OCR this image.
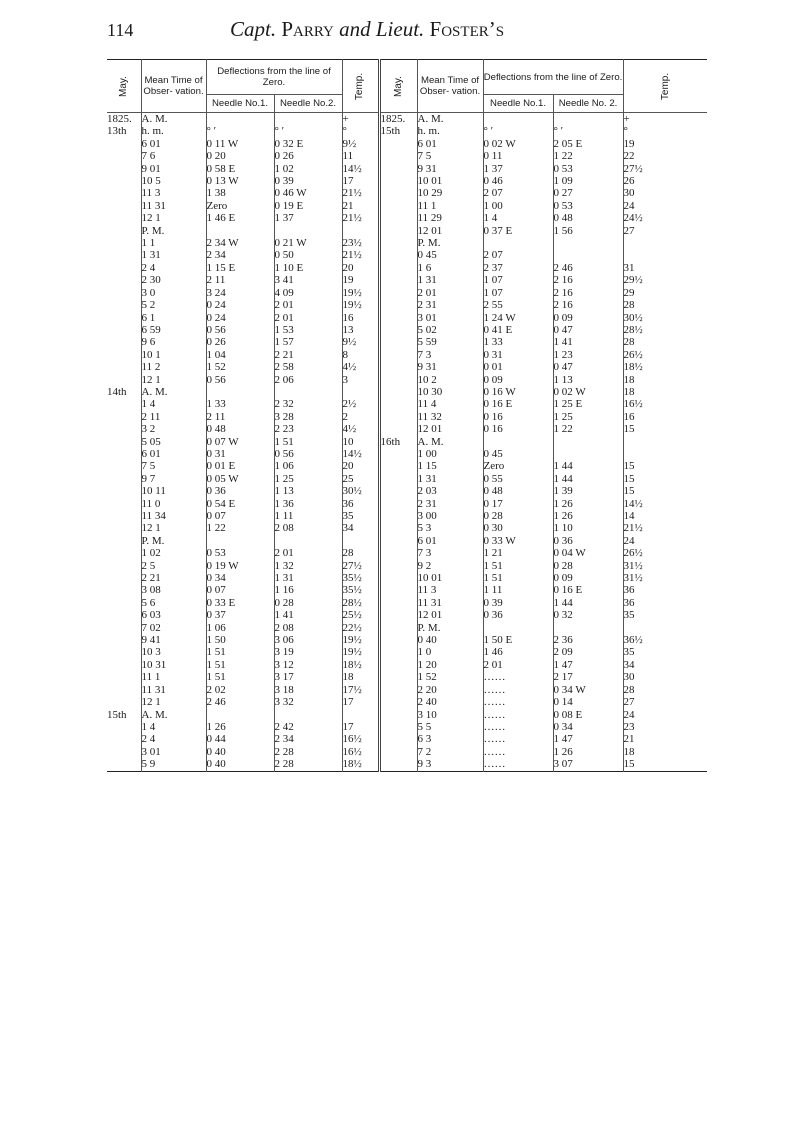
114	Capt. Parry and Lieut. Foster’s
May.	Mean Time of Obser- vation.	Deflections from the line of Zero.		Temp.	May.	Mean Time of Obser- vation.	Deflections from the line of Zero.		Temp.
		Needle No.1.	Needle No.2.				Needle No.1.	Needle No. 2.	
1825.	A. M.			+	1825.	A. M.			+
13th	h. m.	° ′	° ′	°	15th	h. m.	° ′	° ′	°
	6 01	0 11 W	0 32 E	9½		6 01	0 02 W	2 05 E	19
	7 6	0 20	0 26	11		7 5	0 11	1 22	22
	9 01	0 58 E	1 02	14½		9 31	1 37	0 53	27½
	10 5	0 13 W	0 39	17		10 01	0 46	1 09	26
	11 3	1 38	0 46 W	21½		10 29	2 07	0 27	30
	11 31	Zero	0 19 E	21		11 1	1 00	0 53	24
	12 1	1 46 E	1 37	21½		11 29	1 4	0 48	24½
	P. M.					12 01	0 37 E	1 56	27
	1 1	2 34 W	0 21 W	23½		P. M.			
	1 31	2 34	0 50	21½		0 45	2 07		
	2 4	1 15 E	1 10 E	20		1 6	2 37	2 46	31
	2 30	2 11	3 41	19		1 31	1 07	2 16	29½
	3 0	3 24	4 09	19½		2 01	1 07	2 16	29
	5 2	0 24	2 01	19½		2 31	2 55	2 16	28
	6 1	0 24	2 01	16		3 01	1 24 W	0 09	30½
	6 59	0 56	1 53	13		5 02	0 41 E	0 47	28½
	9 6	0 26	1 57	9½		5 59	1 33	1 41	28
	10 1	1 04	2 21	8		7 3	0 31	1 23	26½
	11 2	1 52	2 58	4½		9 31	0 01	0 47	18½
	12 1	0 56	2 06	3		10 2	0 09	1 13	18
14th	A. M.					10 30	0 16 W	0 02 W	18
	1 4	1 33	2 32	2½		11 4	0 16 E	1 25 E	16½
	2 11	2 11	3 28	2		11 32	0 16	1 25	16
	3 2	0 48	2 23	4½		12 01	0 16	1 22	15
	5 05	0 07 W	1 51	10	16th	A. M.			
	6 01	0 31	0 56	14½		1 00	0 45		
	7 5	0 01 E	1 06	20		1 15	Zero	1 44	15
	9 7	0 05 W	1 25	25		1 31	0 55	1 44	15
	10 11	0 36	1 13	30½		2 03	0 48	1 39	15
	11 0	0 54 E	1 36	36		2 31	0 17	1 26	14½
	11 34	0 07	1 11	35		3 00	0 28	1 26	14
	12 1	1 22	2 08	34		5 3	0 30	1 10	21½
	P. M.					6 01	0 33 W	0 36	24
	1 02	0 53	2 01	28		7 3	1 21	0 04 W	26½
	2 5	0 19 W	1 32	27½		9 2	1 51	0 28	31½
	2 21	0 34	1 31	35½		10 01	1 51	0 09	31½
	3 08	0 07	1 16	35½		11 3	1 11	0 16 E	36
	5 6	0 33 E	0 28	28½		11 31	0 39	1 44	36
	6 03	0 37	1 41	25½		12 01	0 36	0 32	35
	7 02	1 06	2 08	22½		P. M.			
	9 41	1 50	3 06	19½		0 40	1 50 E	2 36	36½
	10 3	1 51	3 19	19½		1 0	1 46	2 09	35
	10 31	1 51	3 12	18½		1 20	2 01	1 47	34
	11 1	1 51	3 17	18		1 52	……	2 17	30
	11 31	2 02	3 18	17½		2 20	……	0 34 W	28
	12 1	2 46	3 32	17		2 40	……	0 14	27
15th	A. M.					3 10	……	0 08 E	24
	1 4	1 26	2 42	17		5 5	……	0 34	23
	2 4	0 44	2 34	16½		6 3	……	1 47	21
	3 01	0 40	2 28	16½		7 2	……	1 26	18
	5 9	0 40	2 28	18½		9 3	……	3 07	15
